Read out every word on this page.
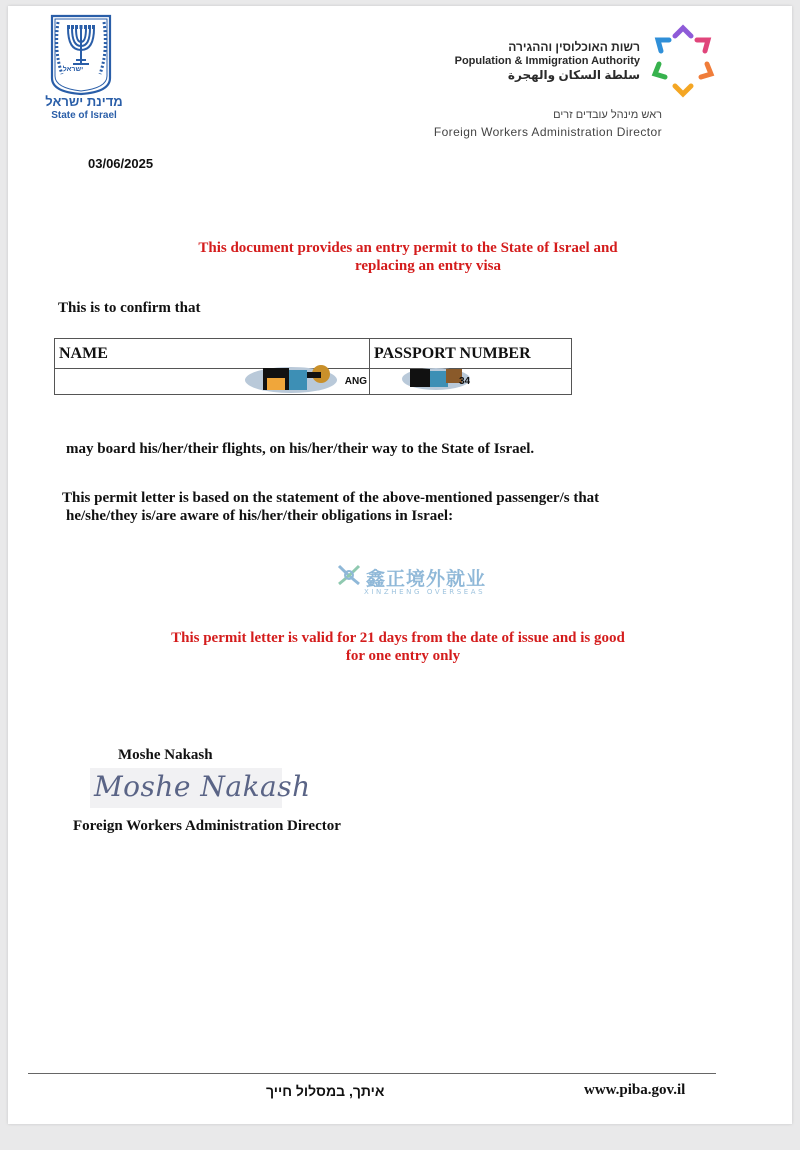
ישראל
מדינת ישראל
State of Israel
רשות האוכלוסין וההגירה
Population & Immigration Authority
سلطة السكان والهجرة
ראש מינהל עובדים זרים
Foreign Workers Administration Director
03/06/2025
This document provides an entry permit to the State of Israel and
replacing an entry visa
This is to confirm that
NAME	PASSPORT NUMBER

ANG	34
may board his/her/their flights, on his/her/their way to the State of Israel.
This permit letter is based on the statement of the above-mentioned passenger/s that
he/she/they is/are aware of his/her/their obligations in Israel:
鑫正境外就业
XINZHENG OVERSEAS
This permit letter is valid for 21 days from the date of issue and is good
for one entry only
Moshe Nakash
Moshe Nakash
Foreign Workers Administration Director
איתך, במסלול חייך	www.piba.gov.il
